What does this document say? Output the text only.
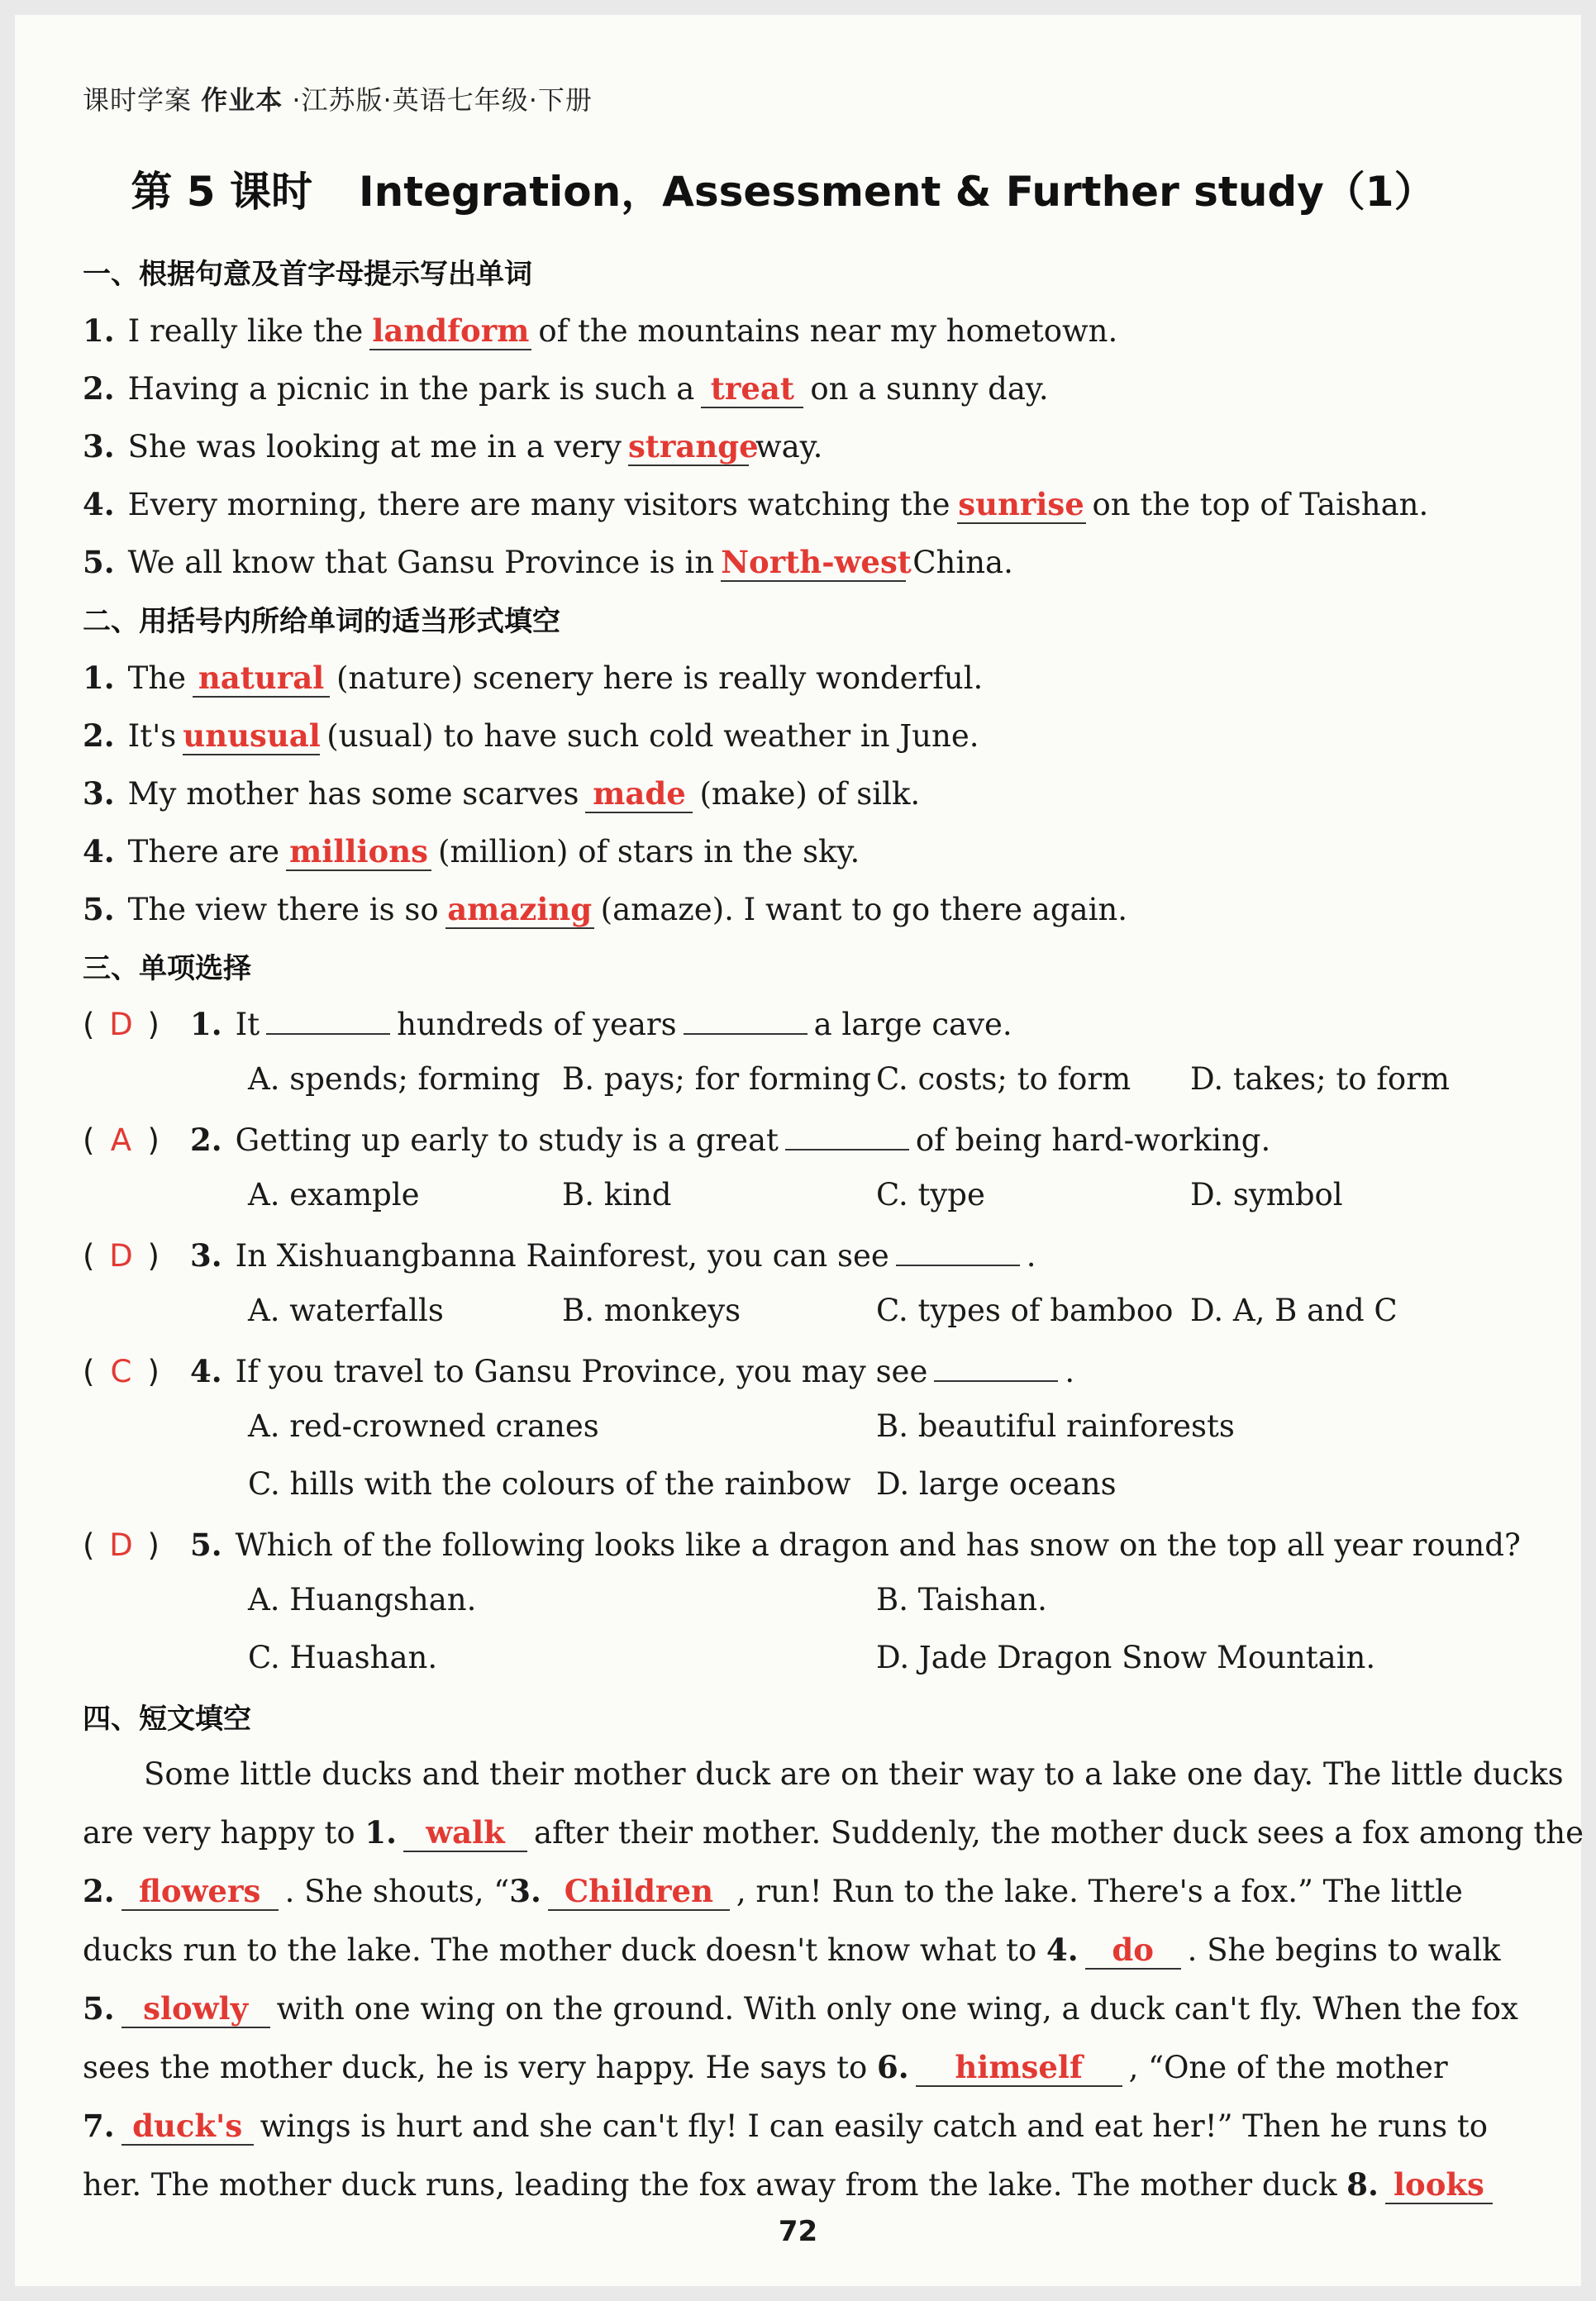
课时学案 作业本 ·江苏版·英语七年级·下册
第 5 课时 Integration，Assessment & Further study（1）
一、根据句意及首字母提示写出单词
1. I really like the landform of the mountains near my hometown.
2. Having a picnic in the park is such a treat on a sunny day.
3. She was looking at me in a very strangeway.
4. Every morning, there are many visitors watching the sunrise on the top of Taishan.
5. We all know that Gansu Province is in North-westChina.
二、用括号内所给单词的适当形式填空
1. The natural (nature) scenery here is really wonderful.
2. It's unusual (usual) to have such cold weather in June.
3. My mother has some scarves made (make) of silk.
4. There are millions (million) of stars in the sky.
5. The view there is so amazing (amaze). I want to go there again.
三、单项选择
( D ) 1. It	hundreds of years	a large cave.
A. spends; forming B. pays; for forming C. costs; to form D. takes; to form
( A ) 2. Getting up early to study is a great	of being hard-working.
A. example	B. kind	C. type	D. symbol
( D ) 3. In Xishuangbanna Rainforest, you can see	.
A. waterfalls	B. monkeys	C. types of bamboo D. A, B and C
( C ) 4. If you travel to Gansu Province, you may see	.
A. red-crowned cranes	B. beautiful rainforests
C. hills with the colours of the rainbow D. large oceans
( D ) 5. Which of the following looks like a dragon and has snow on the top all year round?
A. Huangshan.	B. Taishan.
C. Huashan.	D. Jade Dragon Snow Mountain.
四、短文填空
Some little ducks and their mother duck are on their way to a lake one day. The little ducks
are very happy to 1. walk after their mother. Suddenly, the mother duck sees a fox among the
2. flowers . She shouts, “3. Children , run! Run to the lake. There's a fox.” The little
ducks run to the lake. The mother duck doesn't know what to 4. do . She begins to walk
5. slowly with one wing on the ground. With only one wing, a duck can't fly. When the fox
sees the mother duck, he is very happy. He says to 6. himself , “One of the mother
7. duck's wings is hurt and she can't fly! I can easily catch and eat her!” Then he runs to
her. The mother duck runs, leading the fox away from the lake. The mother duck 8. looks
72
